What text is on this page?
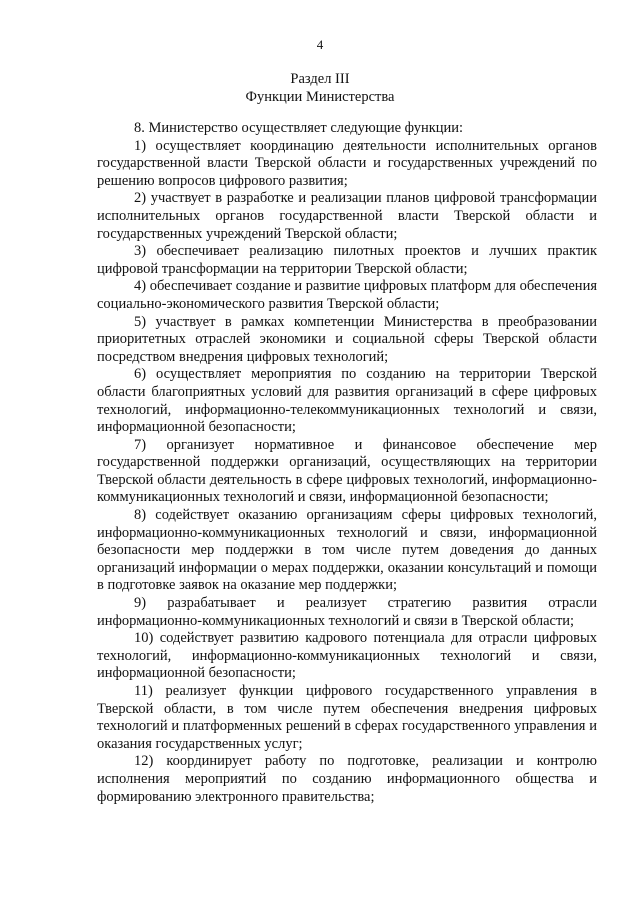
4
Раздел III
Функции Министерства

8. Министерство осуществляет следующие функции:

1) осуществляет координацию деятельности исполнительных органов государственной власти Тверской области и государственных учреждений по решению вопросов цифрового развития;

2) участвует в разработке и реализации планов цифровой трансформации исполнительных органов государственной власти Тверской области и государственных учреждений Тверской области;

3) обеспечивает реализацию пилотных проектов и лучших практик цифровой трансформации на территории Тверской области;

4) обеспечивает создание и развитие цифровых платформ для обеспечения социально-экономического развития Тверской области;

5) участвует в рамках компетенции Министерства в преобразовании приоритетных отраслей экономики и социальной сферы Тверской области посредством внедрения цифровых технологий;

6) осуществляет мероприятия по созданию на территории Тверской области благоприятных условий для развития организаций в сфере цифровых технологий, информационно-телекоммуникационных технологий и связи, информационной безопасности;

7) организует нормативное и финансовое обеспечение мер государственной поддержки организаций, осуществляющих на территории Тверской области деятельность в сфере цифровых технологий, информационно-коммуникационных технологий и связи, информационной безопасности;

8) содействует оказанию организациям сферы цифровых технологий, информационно-коммуникационных технологий и связи, информационной безопасности мер поддержки в том числе путем доведения до данных организаций информации о мерах поддержки, оказании консультаций и помощи в подготовке заявок на оказание мер поддержки;

9) разрабатывает и реализует стратегию развития отрасли информационно-коммуникационных технологий и связи в Тверской области;

10) содействует развитию кадрового потенциала для отрасли цифровых технологий, информационно-коммуникационных технологий и связи, информационной безопасности;

11) реализует функции цифрового государственного управления в Тверской области, в том числе путем обеспечения внедрения цифровых технологий и платформенных решений в сферах государственного управления и оказания государственных услуг;

12) координирует работу по подготовке, реализации и контролю исполнения мероприятий по созданию информационного общества и формированию электронного правительства;
